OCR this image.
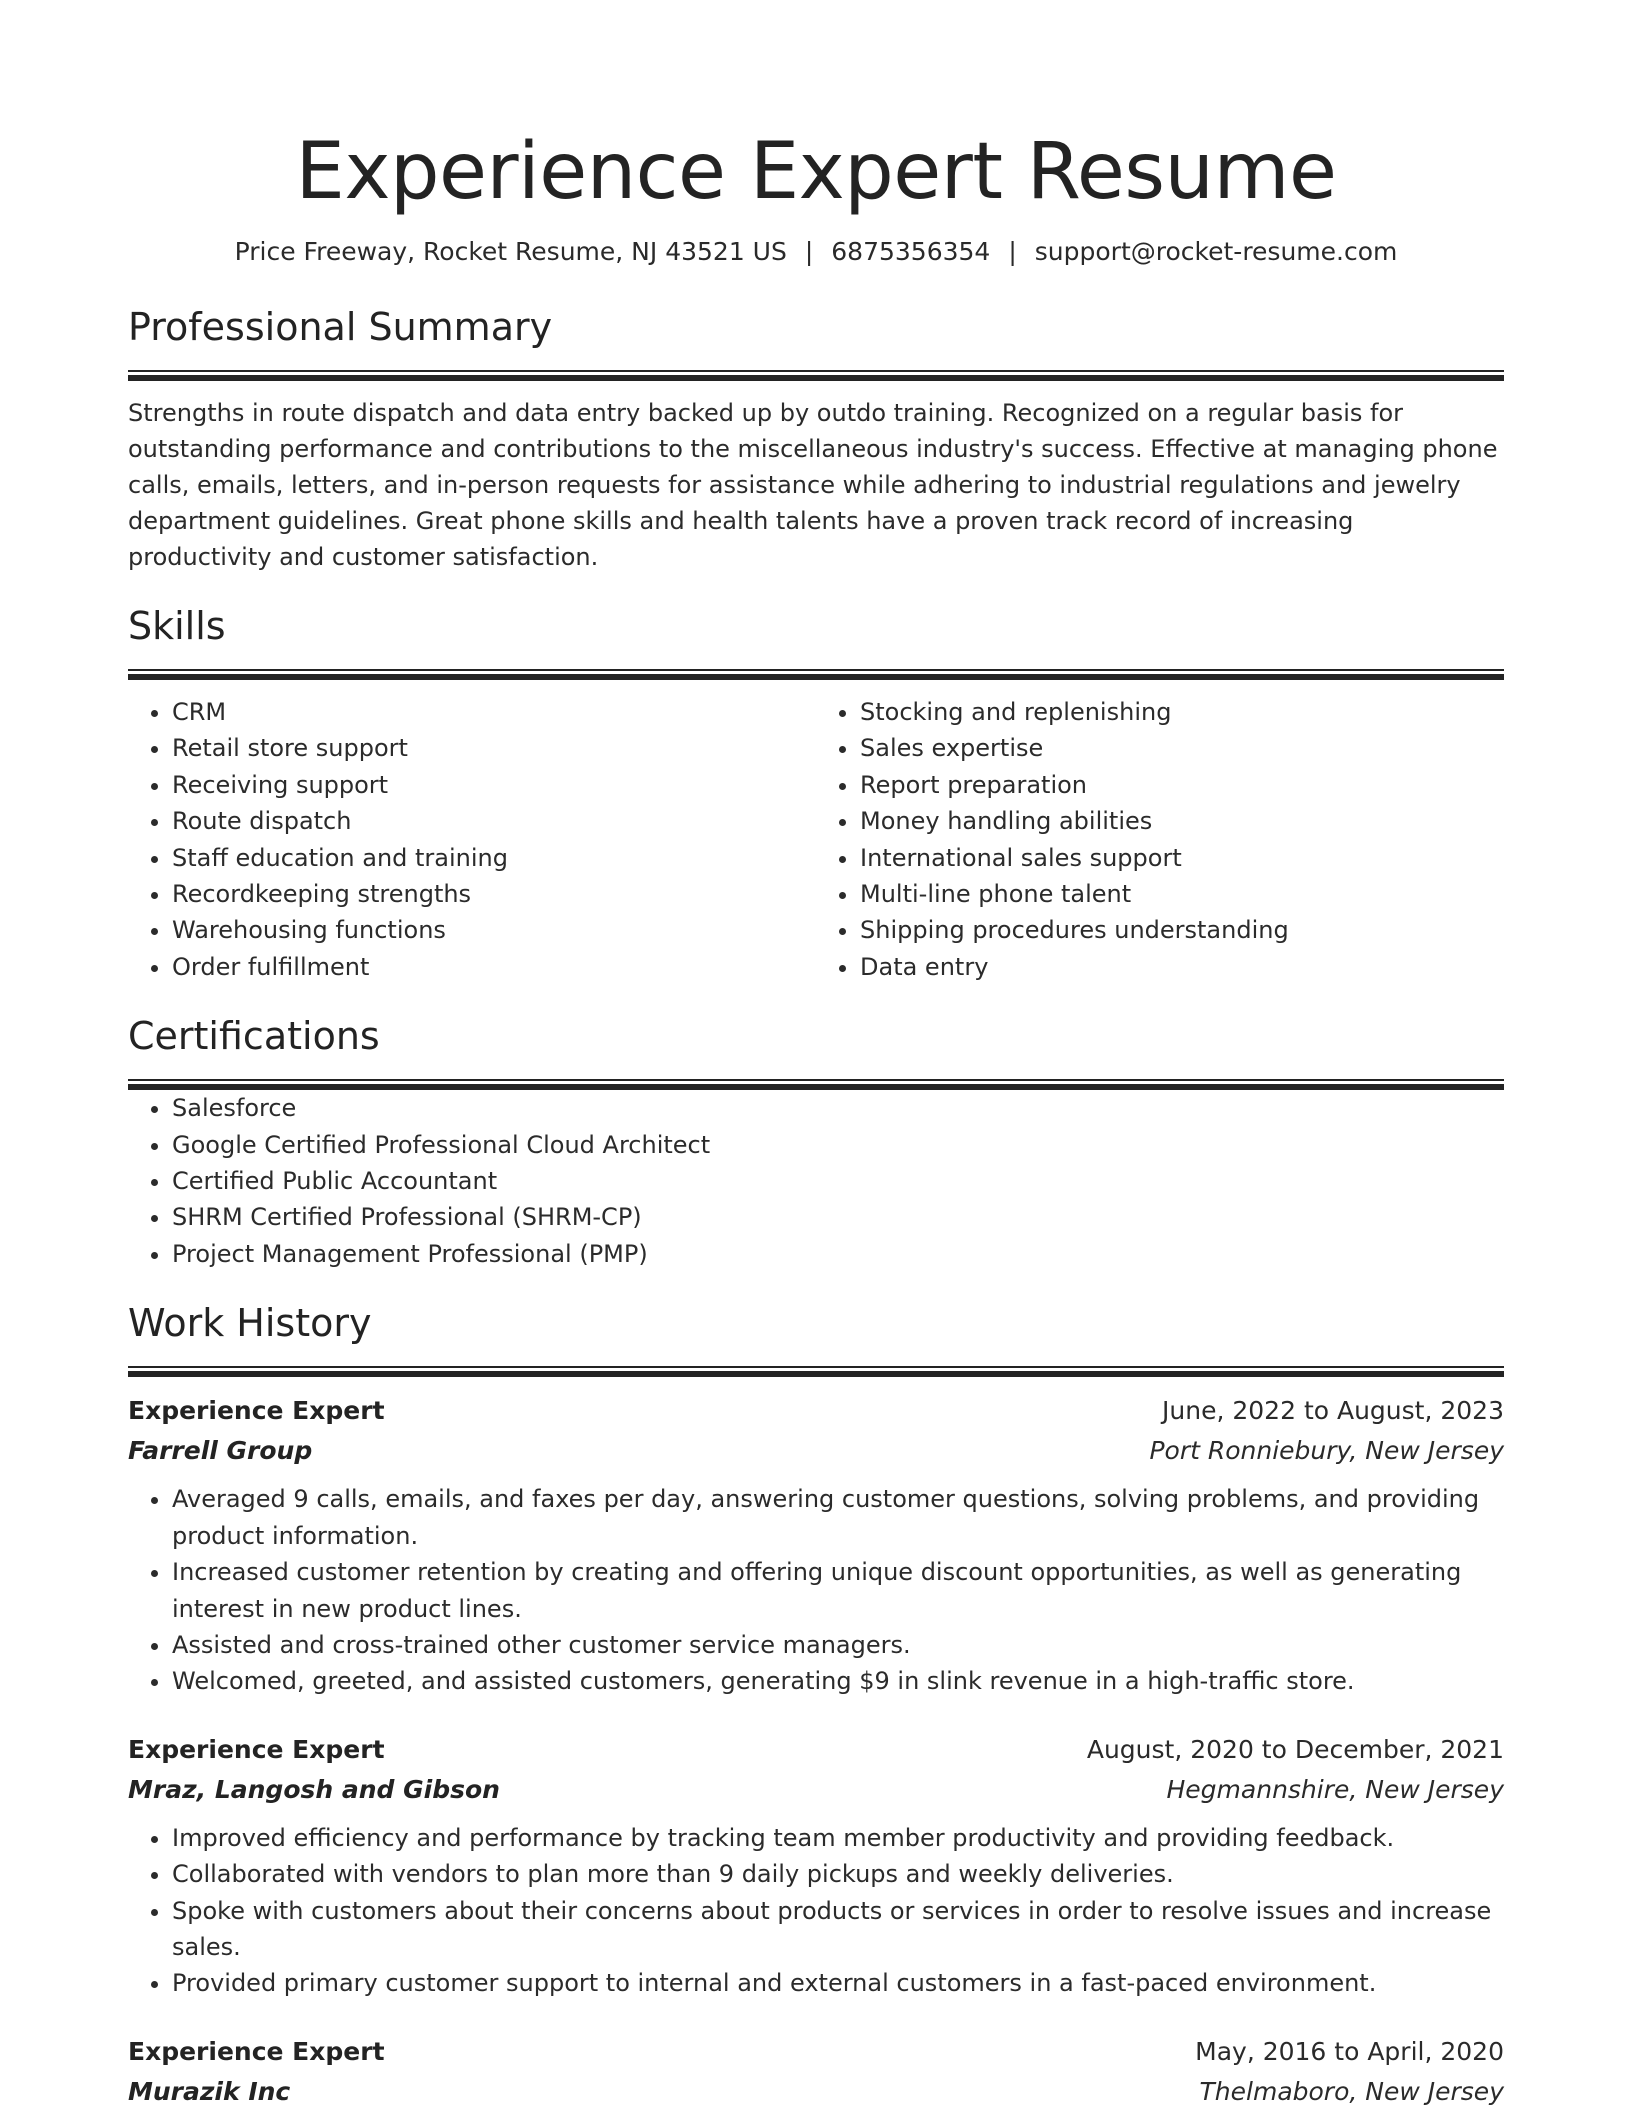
Experience Expert Resume
Price Freeway, Rocket Resume, NJ 43521 US | 6875356354 | support@rocket-resume.com
Professional Summary

Strengths in route dispatch and data entry backed up by outdo training. Recognized on a regular basis for outstanding performance and contributions to the miscellaneous industry's success. Effective at managing phone calls, emails, letters, and in-person requests for assistance while adhering to industrial regulations and jewelry department guidelines. Great phone skills and health talents have a proven track record of increasing productivity and customer satisfaction.

Skills
• CRM
• Retail store support
• Receiving support
• Route dispatch
• Staff education and training
• Recordkeeping strengths
• Warehousing functions
• Order fulfillment
• Stocking and replenishing
• Sales expertise
• Report preparation
• Money handling abilities
• International sales support
• Multi-line phone talent
• Shipping procedures understanding
• Data entry
Certifications
• Salesforce
• Google Certified Professional Cloud Architect
• Certified Public Accountant
• SHRM Certified Professional (SHRM-CP)
• Project Management Professional (PMP)
Work History
Experience Expert	June, 2022 to August, 2023
Farrell Group	Port Ronniebury, New Jersey
• Averaged 9 calls, emails, and faxes per day, answering customer questions, solving problems, and providing product information.
• Increased customer retention by creating and offering unique discount opportunities, as well as generating interest in new product lines.
• Assisted and cross-trained other customer service managers.
• Welcomed, greeted, and assisted customers, generating $9 in slink revenue in a high-traffic store.
Experience Expert	August, 2020 to December, 2021
Mraz, Langosh and Gibson	Hegmannshire, New Jersey
• Improved efficiency and performance by tracking team member productivity and providing feedback.
• Collaborated with vendors to plan more than 9 daily pickups and weekly deliveries.
• Spoke with customers about their concerns about products or services in order to resolve issues and increase sales.
• Provided primary customer support to internal and external customers in a fast-paced environment.
Experience Expert	May, 2016 to April, 2020
Murazik Inc	Thelmaboro, New Jersey
